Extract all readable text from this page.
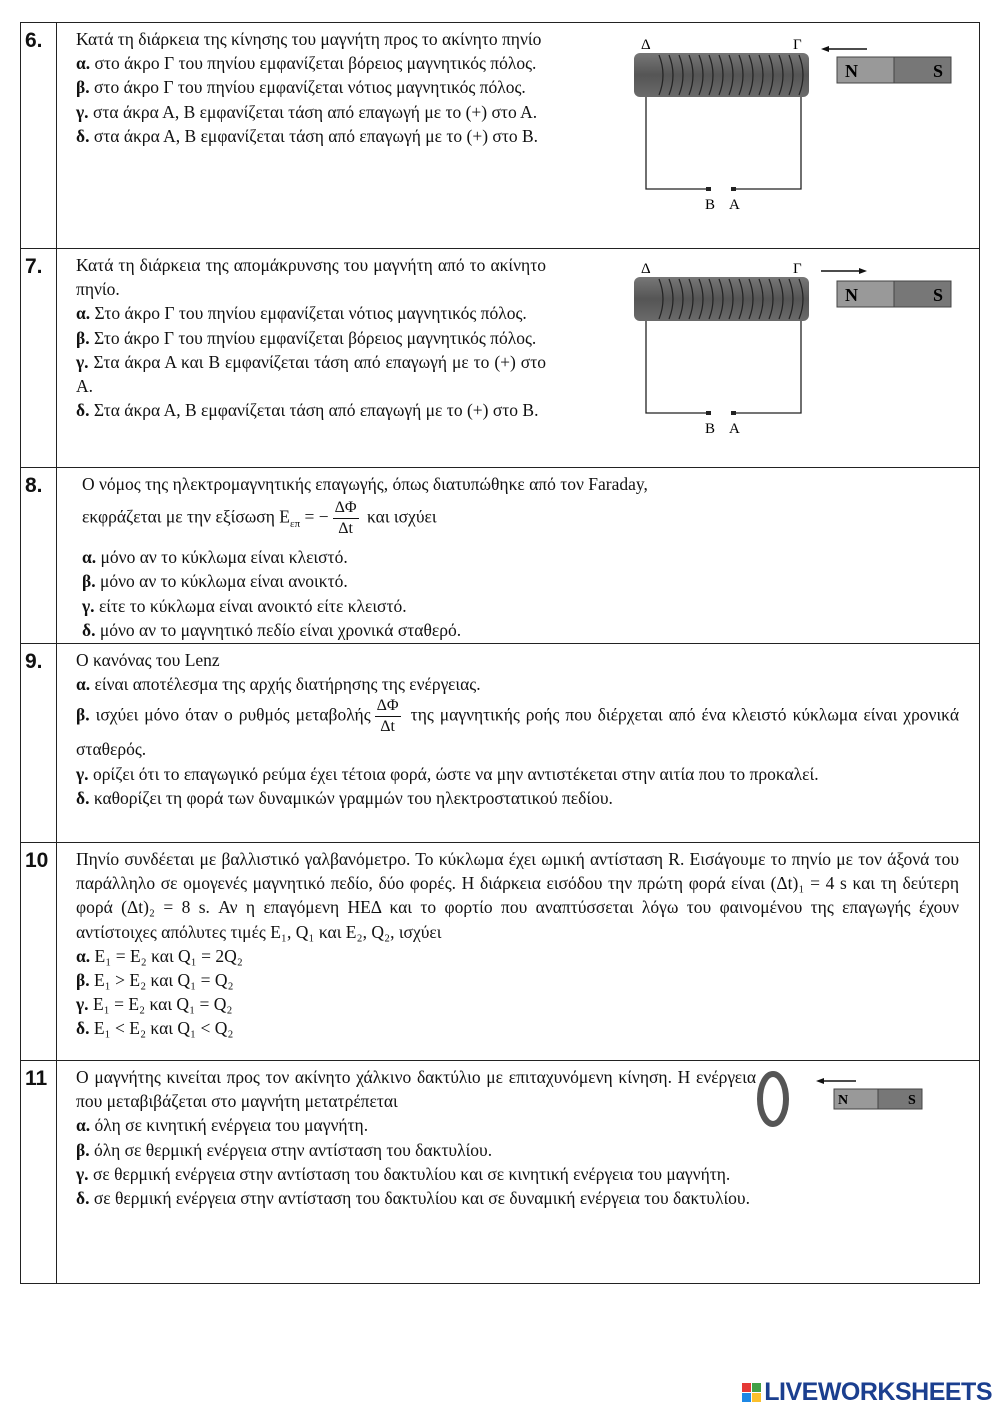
6.	Κατά τη διάρκεια της κίνησης του μαγνήτη προς το ακίνητο πηνίο
α. στο άκρο Γ του πηνίου εμφανίζεται βόρειος μαγνητικός πόλος.
β. στο άκρο Γ του πηνίου εμφανίζεται νότιος μαγνητικός πόλος.
γ. στα άκρα Α, Β εμφανίζεται τάση από επαγωγή με το (+) στο Α.
δ. στα άκρα Α, Β εμφανίζεται τάση από επαγωγή με το (+) στο Β.
Δ	Γ
B A
N	S
7.	Κατά τη διάρκεια της απομάκρυνσης του μαγνήτη από το ακίνητο πηνίο.
α. Στο άκρο Γ του πηνίου εμφανίζεται νότιος μαγνητικός πόλος.
β. Στο άκρο Γ του πηνίου εμφανίζεται βόρειος μαγνητικός πόλος.
γ. Στα άκρα Α και Β εμφανίζεται τάση από επαγωγή με το (+) στο Α.
δ. Στα άκρα Α, Β εμφανίζεται τάση από επαγωγή με το (+) στο Β.
Δ	Γ
B A
N	S
8.	Ο νόμος της ηλεκτρομαγνητικής επαγωγής, όπως διατυπώθηκε από τον Faraday,
εκφράζεται με την εξίσωση $E_{\varepsilon\pi}$ = − $\frac{\Delta\Phi}{\Delta t}$ και ισχύει
α. μόνο αν το κύκλωμα είναι κλειστό.
β. μόνο αν το κύκλωμα είναι ανοικτό.
γ. είτε το κύκλωμα είναι ανοικτό είτε κλειστό.
δ. μόνο αν το μαγνητικό πεδίο είναι χρονικά σταθερό.
9.	Ο κανόνας του Lenz
α. είναι αποτέλεσμα της αρχής διατήρησης της ενέργειας.
β. ισχύει μόνο όταν ο ρυθμός μεταβολής $\frac{\Delta\Phi}{\Delta t}$ της μαγνητικής ροής που διέρχεται από ένα κλειστό κύκλωμα είναι χρονικά σταθερός.
γ. ορίζει ότι το επαγωγικό ρεύμα έχει τέτοια φορά, ώστε να μην αντιστέκεται στην αιτία που το προκαλεί.
δ. καθορίζει τη φορά των δυναμικών γραμμών του ηλεκτροστατικού πεδίου.
10	Πηνίο συνδέεται με βαλλιστικό γαλβανόμετρο. Το κύκλωμα έχει ωμική αντίσταση R. Εισάγουμε το πηνίο με τον άξονά του παράλληλο σε ομογενές μαγνητικό πεδίο, δύο φορές. Η διάρκεια εισόδου την πρώτη φορά είναι (Δt)₁ = 4 s και τη δεύτερη φορά (Δt)₂ = 8 s. Αν η επαγόμενη ΗΕΔ και το φορτίο που αναπτύσσεται λόγω του φαινομένου της επαγωγής έχουν αντίστοιχες απόλυτες τιμές E₁, Q₁ και E₂, Q₂, ισχύει
α. E₁ = E₂ και Q₁ = 2Q₂
β. E₁ > E₂ και Q₁ = Q₂
γ. E₁ = E₂ και Q₁ = Q₂
δ. E₁ < E₂ και Q₁ < Q₂
11	Ο μαγνήτης κινείται προς τον ακίνητο χάλκινο δακτύλιο με επιταχυνόμενη κίνηση. Η ενέργεια που μεταβιβάζεται στο μαγνήτη μετατρέπεται
α. όλη σε κινητική ενέργεια του μαγνήτη.
β. όλη σε θερμική ενέργεια στην αντίσταση του δακτυλίου.
γ. σε θερμική ενέργεια στην αντίσταση του δακτυλίου και σε κινητική ενέργεια του μαγνήτη.
δ. σε θερμική ενέργεια στην αντίσταση του δακτυλίου και σε δυναμική ενέργεια του δακτυλίου.
N	S
LIVEWORKSHEETS
